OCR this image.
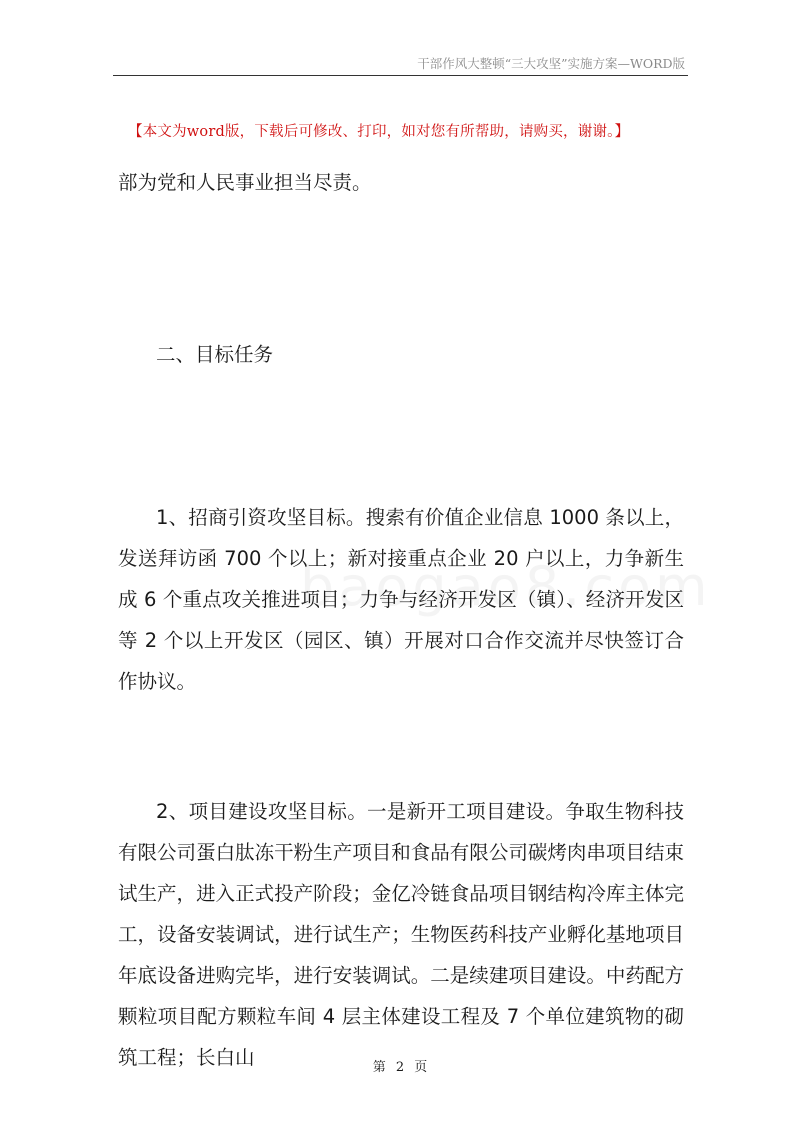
干部作风大整顿“三大攻坚”实施方案—WORD版
【本文为word版，下载后可修改、打印，如对您有所帮助，请购买，谢谢。】

部为党和人民事业担当尽责。

二、目标任务

1、招商引资攻坚目标。搜索有价值企业信息 1000 条以上，发送拜访函 700 个以上；新对接重点企业 20 户以上，力争新生成 6 个重点攻关推进项目；力争与经济开发区（镇）、经济开发区等 2 个以上开发区（园区、镇）开展对口合作交流并尽快签订合作协议。

2、项目建设攻坚目标。一是新开工项目建设。争取生物科技有限公司蛋白肽冻干粉生产项目和食品有限公司碳烤肉串项目结束试生产，进入正式投产阶段；金亿冷链食品项目钢结构冷库主体完工，设备安装调试，进行试生产；生物医药科技产业孵化基地项目年底设备进购完毕，进行安装调试。二是续建项目建设。中药配方颗粒项目配方颗粒车间 4 层主体建设工程及 7 个单位建筑物的砌筑工程；长白山	第 2 页
